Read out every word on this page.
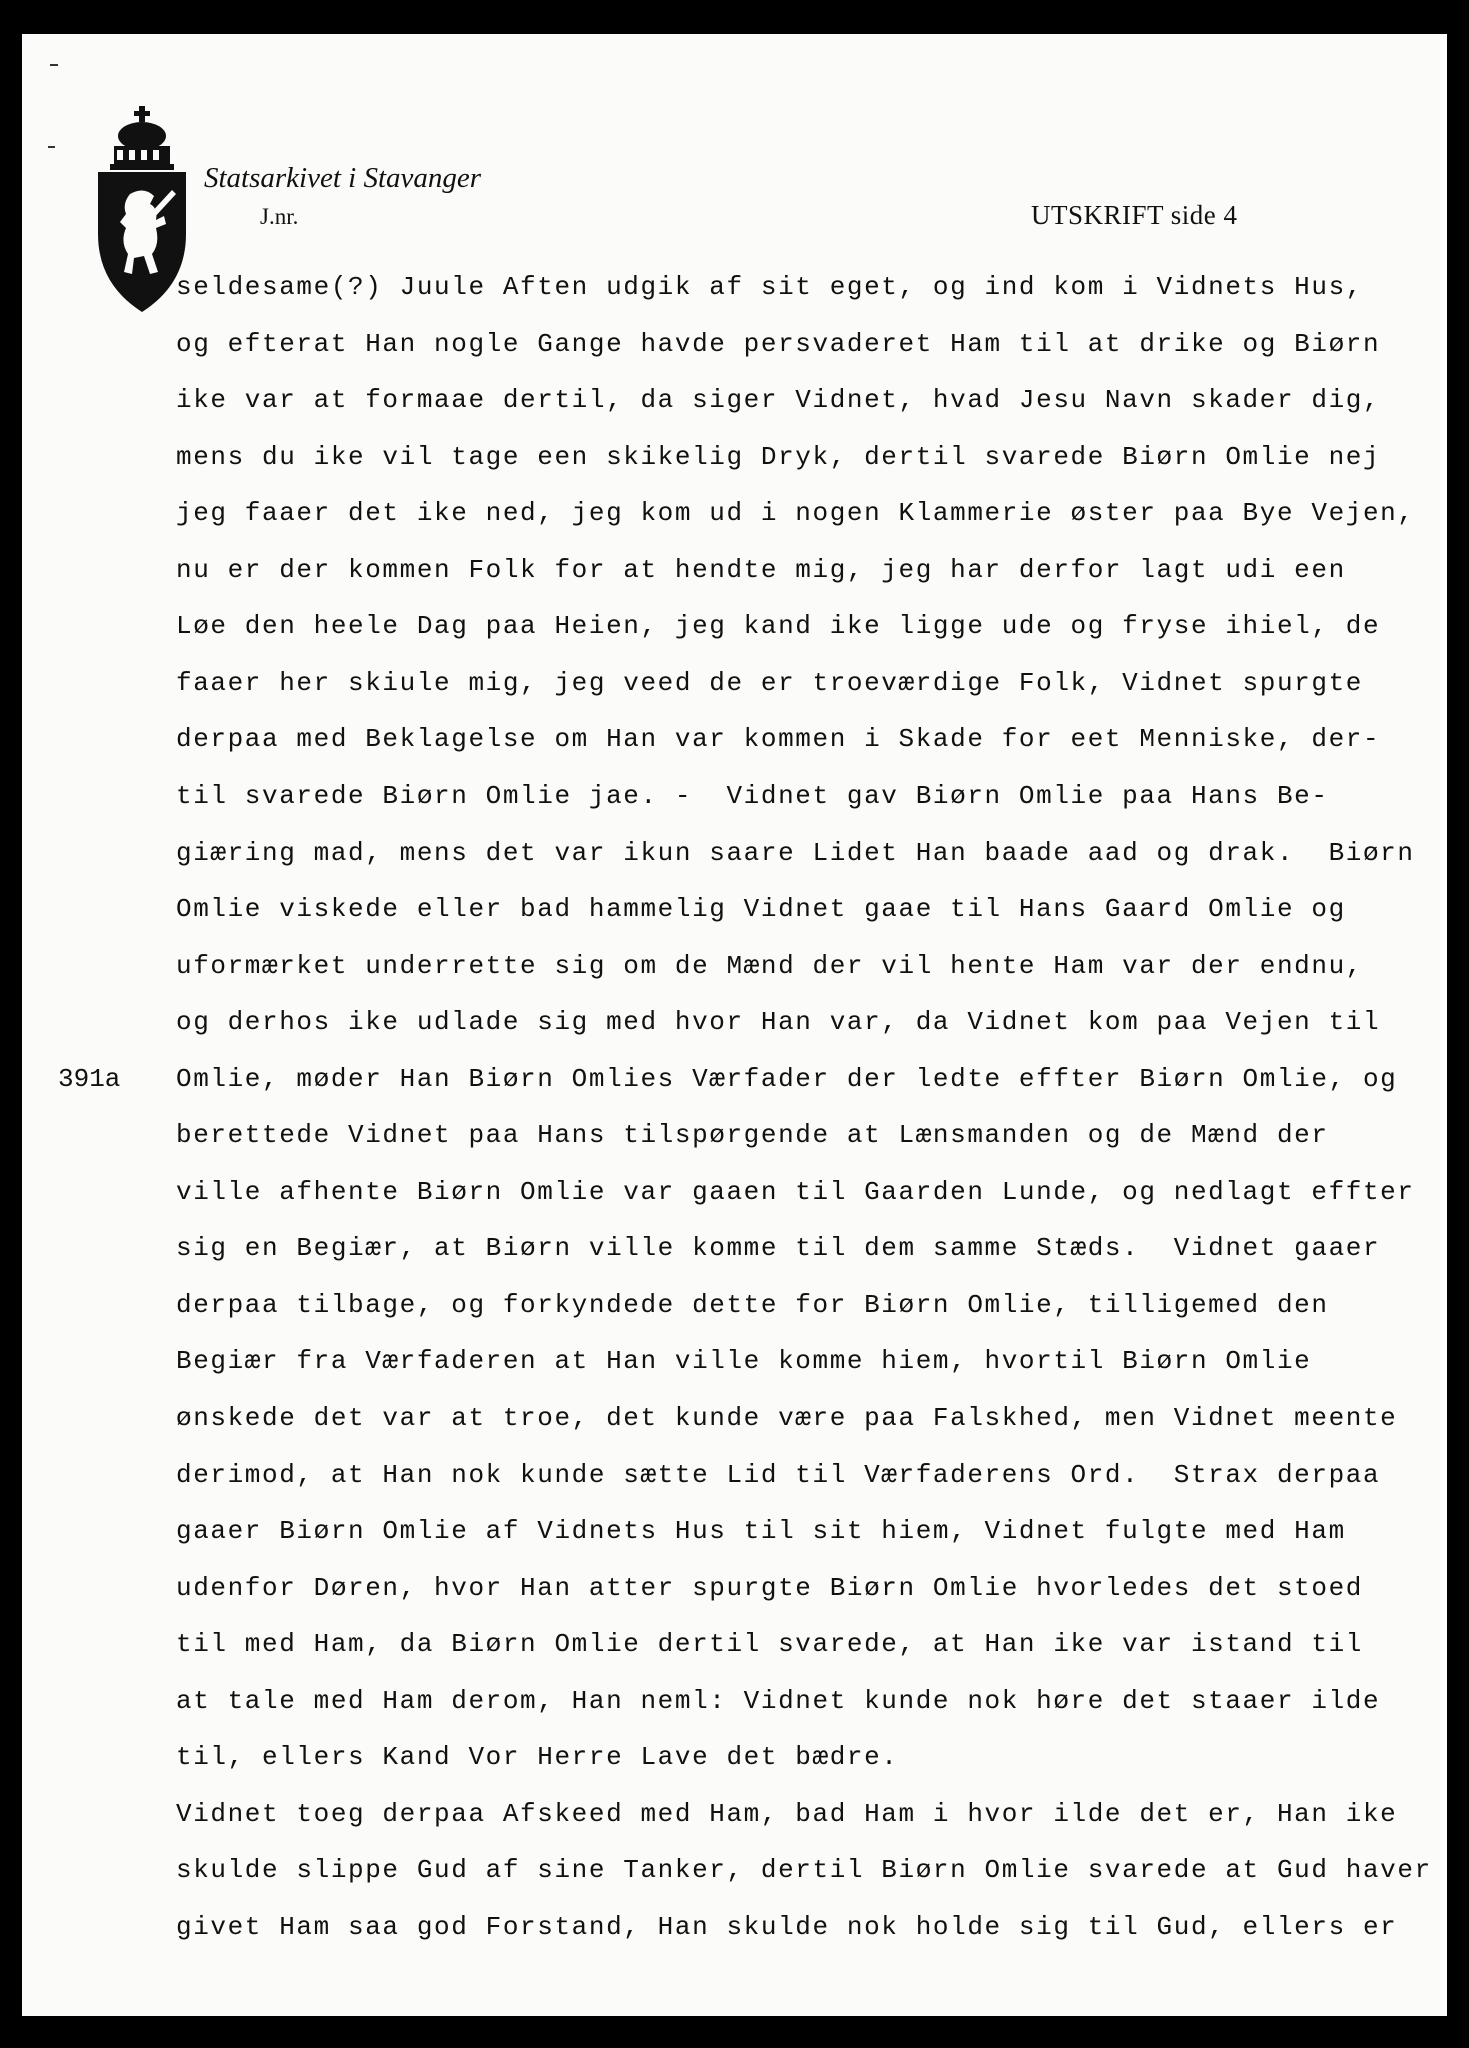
Statsarkivet i Stavanger
J.nr.	UTSKRIFT side 4
391a
seldesame(?) Juule Aften udgik af sit eget, og ind kom i Vidnets Hus,
og efterat Han nogle Gange havde persvaderet Ham til at drike og Biørn
ike var at formaae dertil, da siger Vidnet, hvad Jesu Navn skader dig,
mens du ike vil tage een skikelig Dryk, dertil svarede Biørn Omlie nej
jeg faaer det ike ned, jeg kom ud i nogen Klammerie øster paa Bye Vejen,
nu er der kommen Folk for at hendte mig, jeg har derfor lagt udi een
Løe den heele Dag paa Heien, jeg kand ike ligge ude og fryse ihiel, de
faaer her skiule mig, jeg veed de er troeværdige Folk, Vidnet spurgte
derpaa med Beklagelse om Han var kommen i Skade for eet Menniske, der-
til svarede Biørn Omlie jae. -  Vidnet gav Biørn Omlie paa Hans Be-
giæring mad, mens det var ikun saare Lidet Han baade aad og drak.  Biørn
Omlie viskede eller bad hammelig Vidnet gaae til Hans Gaard Omlie og
uformærket underrette sig om de Mænd der vil hente Ham var der endnu,
og derhos ike udlade sig med hvor Han var, da Vidnet kom paa Vejen til
Omlie, møder Han Biørn Omlies Værfader der ledte effter Biørn Omlie, og
berettede Vidnet paa Hans tilspørgende at Lænsmanden og de Mænd der
ville afhente Biørn Omlie var gaaen til Gaarden Lunde, og nedlagt effter
sig en Begiær, at Biørn ville komme til dem samme Stæds.  Vidnet gaaer
derpaa tilbage, og forkyndede dette for Biørn Omlie, tilligemed den
Begiær fra Værfaderen at Han ville komme hiem, hvortil Biørn Omlie
ønskede det var at troe, det kunde være paa Falskhed, men Vidnet meente
derimod, at Han nok kunde sætte Lid til Værfaderens Ord.  Strax derpaa
gaaer Biørn Omlie af Vidnets Hus til sit hiem, Vidnet fulgte med Ham
udenfor Døren, hvor Han atter spurgte Biørn Omlie hvorledes det stoed
til med Ham, da Biørn Omlie dertil svarede, at Han ike var istand til
at tale med Ham derom, Han neml: Vidnet kunde nok høre det staaer ilde
til, ellers Kand Vor Herre Lave det bædre.
Vidnet toeg derpaa Afskeed med Ham, bad Ham i hvor ilde det er, Han ike
skulde slippe Gud af sine Tanker, dertil Biørn Omlie svarede at Gud haver
givet Ham saa god Forstand, Han skulde nok holde sig til Gud, ellers er
